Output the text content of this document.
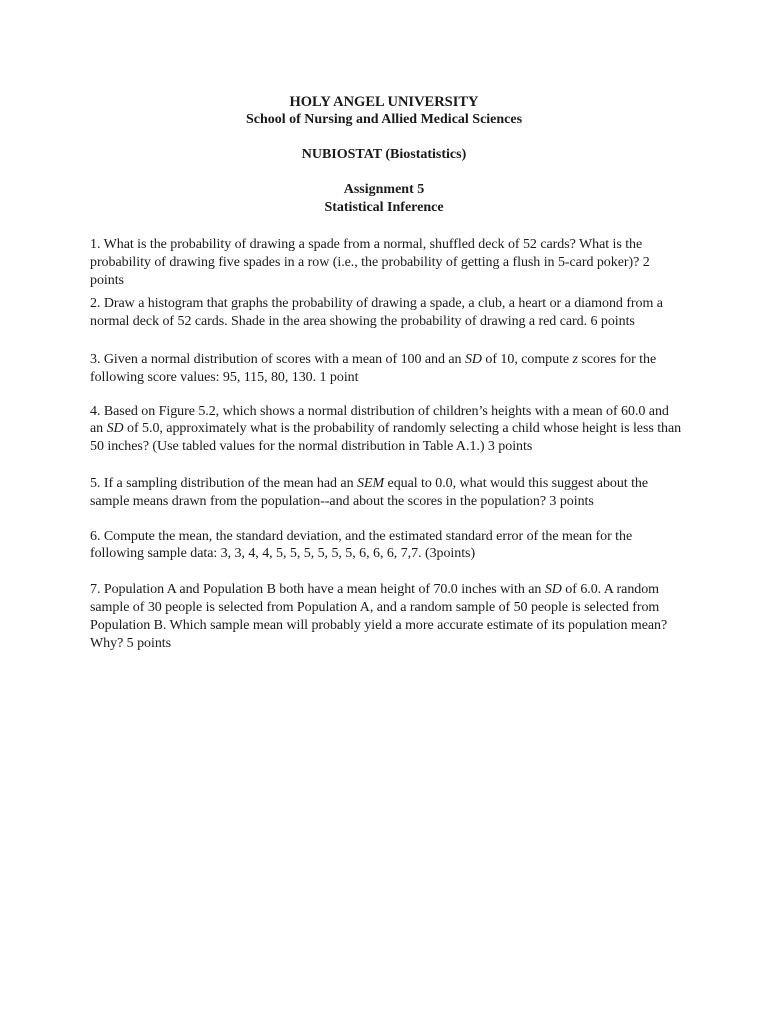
HOLY ANGEL UNIVERSITY
School of Nursing and Allied Medical Sciences
NUBIOSTAT (Biostatistics)
Assignment 5
Statistical Inference

1. What is the probability of drawing a spade from a normal, shuffled deck of 52 cards? What is the probability of drawing five spades in a row (i.e., the probability of getting a flush in 5-card poker)? 2 points

2. Draw a histogram that graphs the probability of drawing a spade, a club, a heart or a diamond from a normal deck of 52 cards. Shade in the area showing the probability of drawing a red card. 6 points

3. Given a normal distribution of scores with a mean of 100 and an SD of 10, compute z scores for the following score values: 95, 115, 80, 130. 1 point

4. Based on Figure 5.2, which shows a normal distribution of children’s heights with a mean of 60.0 and an SD of 5.0, approximately what is the probability of randomly selecting a child whose height is less than 50 inches? (Use tabled values for the normal distribution in Table A.1.) 3 points

5. If a sampling distribution of the mean had an SEM equal to 0.0, what would this suggest about the sample means drawn from the population--and about the scores in the population? 3 points

6. Compute the mean, the standard deviation, and the estimated standard error of the mean for the following sample data: 3, 3, 4, 4, 5, 5, 5, 5, 5, 5, 6, 6, 6, 7,7. (3points)

7. Population A and Population B both have a mean height of 70.0 inches with an SD of 6.0. A random sample of 30 people is selected from Population A, and a random sample of 50 people is selected from Population B. Which sample mean will probably yield a more accurate estimate of its population mean? Why? 5 points
